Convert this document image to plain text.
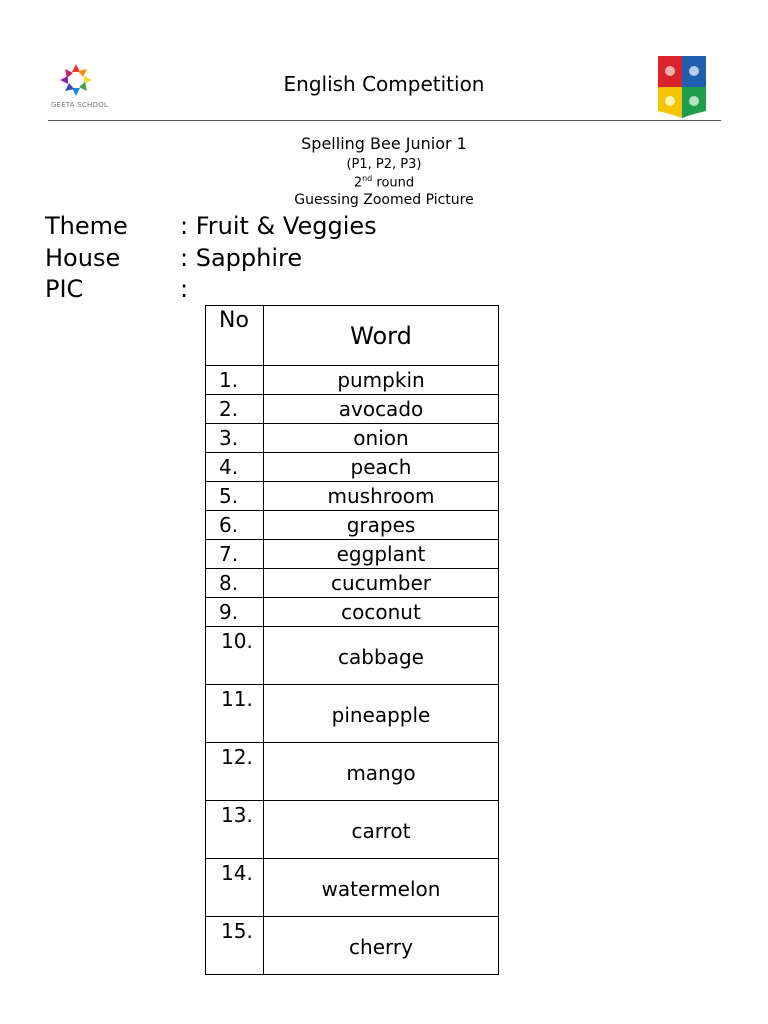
GEETA SCHOOL
English Competition
Spelling Bee Junior 1
(P1, P2, P3)
2nd round
Guessing Zoomed Picture
Theme : Fruit & Veggies
House : Sapphire
PIC	:
No	Word
1.	pumpkin
2.	avocado
3.	onion
4.	peach
5.	mushroom
6.	grapes
7.	eggplant
8.	cucumber
9.	coconut
10.	cabbage
11.	pineapple
12.	mango
13.	carrot
14.	watermelon
15.	cherry
